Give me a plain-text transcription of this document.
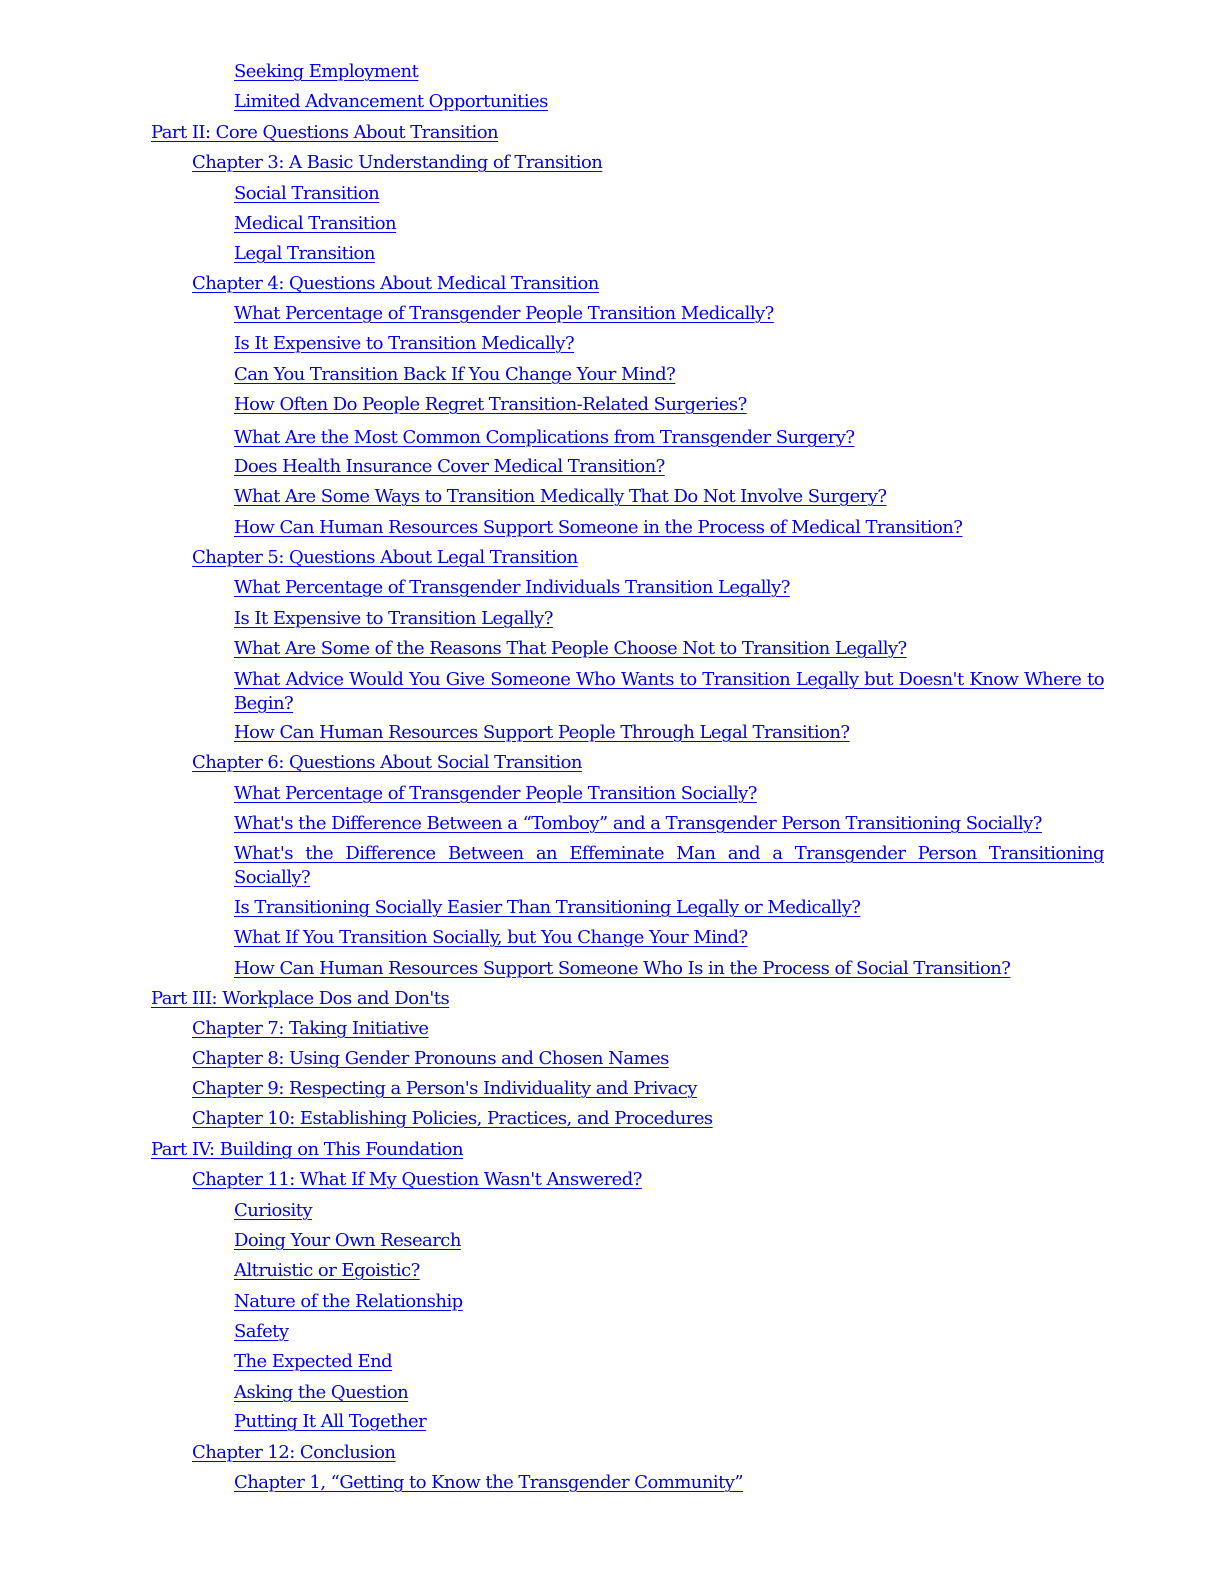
Seeking Employment
Limited Advancement Opportunities
Part II: Core Questions About Transition
Chapter 3: A Basic Understanding of Transition
Social Transition
Medical Transition
Legal Transition
Chapter 4: Questions About Medical Transition
What Percentage of Transgender People Transition Medically?
Is It Expensive to Transition Medically?
Can You Transition Back If You Change Your Mind?
How Often Do People Regret Transition-Related Surgeries?
What Are the Most Common Complications from Transgender Surgery?
Does Health Insurance Cover Medical Transition?
What Are Some Ways to Transition Medically That Do Not Involve Surgery?
How Can Human Resources Support Someone in the Process of Medical Transition?
Chapter 5: Questions About Legal Transition
What Percentage of Transgender Individuals Transition Legally?
Is It Expensive to Transition Legally?
What Are Some of the Reasons That People Choose Not to Transition Legally?
What Advice Would You Give Someone Who Wants to Transition Legally but Doesn't Know Where to Begin?
How Can Human Resources Support People Through Legal Transition?
Chapter 6: Questions About Social Transition
What Percentage of Transgender People Transition Socially?
What's the Difference Between a “Tomboy” and a Transgender Person Transitioning Socially?
What's the Difference Between an Effeminate Man and a Transgender Person Transitioning Socially?
Is Transitioning Socially Easier Than Transitioning Legally or Medically?
What If You Transition Socially, but You Change Your Mind?
How Can Human Resources Support Someone Who Is in the Process of Social Transition?
Part III: Workplace Dos and Don'ts
Chapter 7: Taking Initiative
Chapter 8: Using Gender Pronouns and Chosen Names
Chapter 9: Respecting a Person's Individuality and Privacy
Chapter 10: Establishing Policies, Practices, and Procedures
Part IV: Building on This Foundation
Chapter 11: What If My Question Wasn't Answered?
Curiosity
Doing Your Own Research
Altruistic or Egoistic?
Nature of the Relationship
Safety
The Expected End
Asking the Question
Putting It All Together
Chapter 12: Conclusion
Chapter 1, “Getting to Know the Transgender Community”
